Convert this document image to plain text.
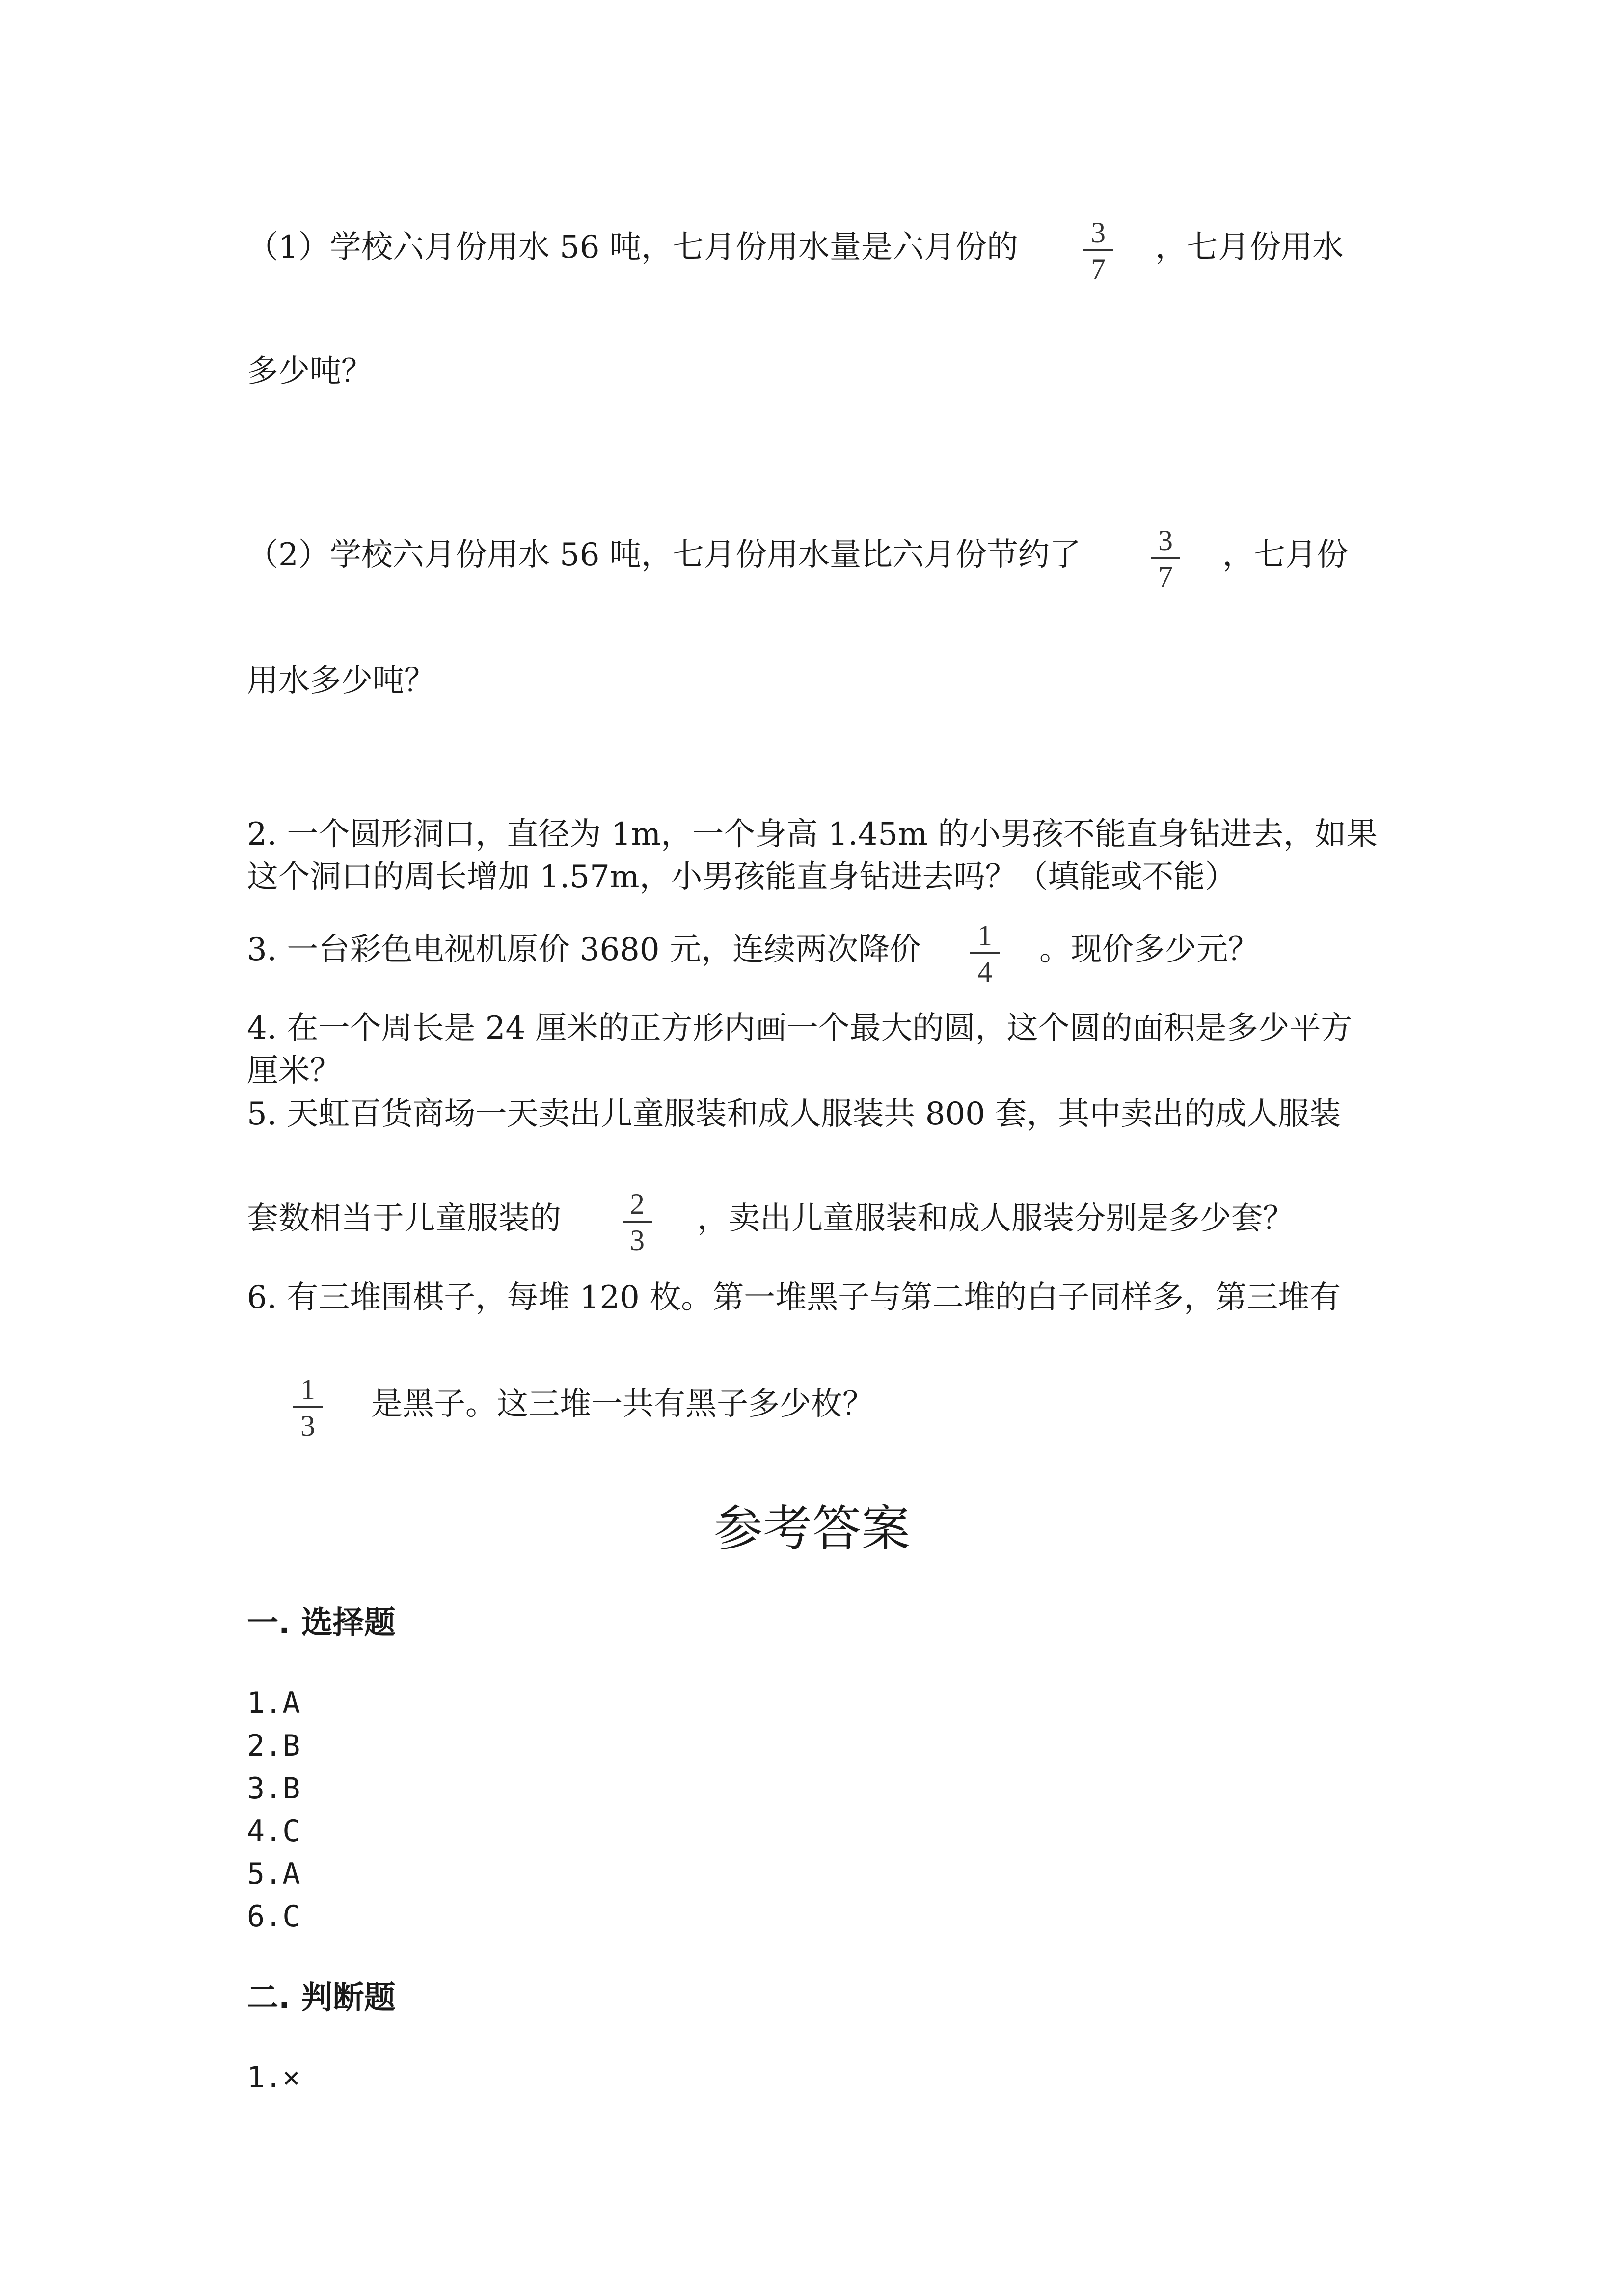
（1）学校六月份用水 56 吨，七月份用水量是六月份的 3
7

，七月份用水

多少吨？

（2）学校六月份用水 56 吨，七月份用水量比六月份节约了	3
7

，七月份

用水多少吨？

2. 一个圆形洞口，直径为 1m，一个身高 1.45m 的小男孩不能直身钻进去，如果

这个洞口的周长增加 1.57m，小男孩能直身钻进去吗？（填能或不能）

3. 一台彩色电视机原价 3680 元，连续两次降价 1
4

。现价多少元？

4. 在一个周长是 24 厘米的正方形内画一个最大的圆，这个圆的面积是多少平方

厘米？

5. 天虹百货商场一天卖出儿童服装和成人服装共 800 套，其中卖出的成人服装

套数相当于儿童服装的 2
3

，卖出儿童服装和成人服装分别是多少套？

6. 有三堆围棋子，每堆 120 枚。第一堆黑子与第二堆的白子同样多，第三堆有

1
3

是黑子。这三堆一共有黑子多少枚？

参考答案
一. 选择题
1.A
2.B
3.B
4.C
5.A
6.C
二. 判断题
1.×
